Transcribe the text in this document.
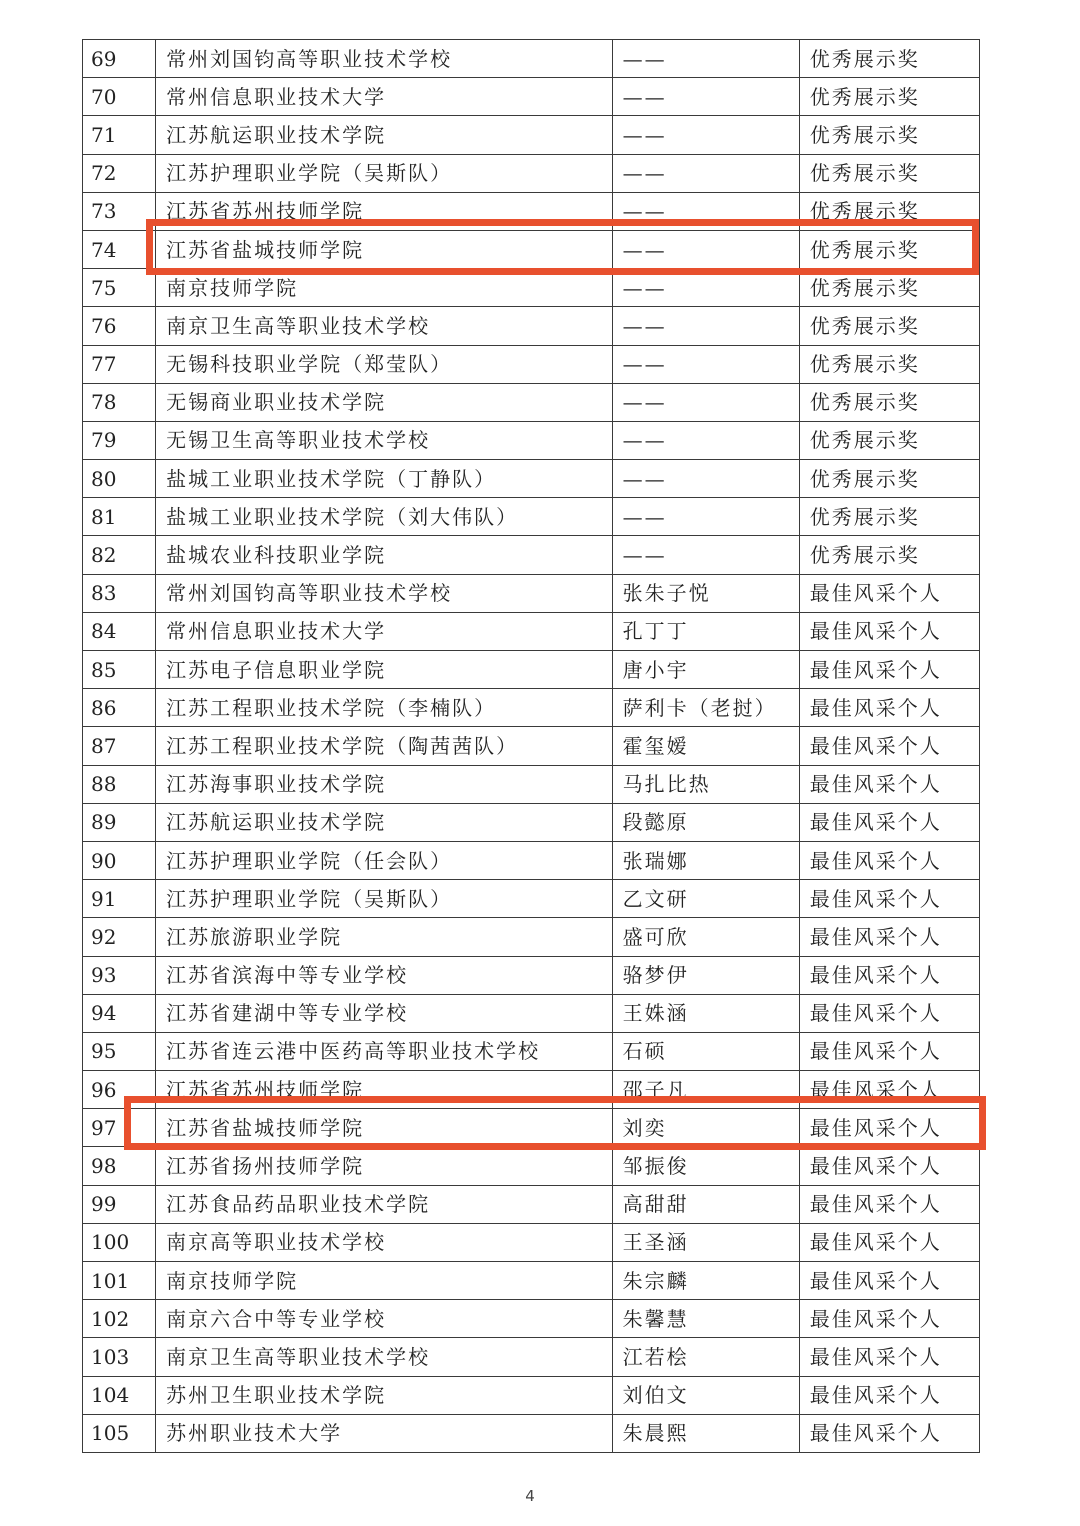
69	常州刘国钧高等职业技术学校	——	优秀展示奖
70	常州信息职业技术大学	——	优秀展示奖
71	江苏航运职业技术学院	——	优秀展示奖
72	江苏护理职业学院（吴斯队）	——	优秀展示奖
73	江苏省苏州技师学院	——	优秀展示奖
74	江苏省盐城技师学院	——	优秀展示奖
75	南京技师学院	——	优秀展示奖
76	南京卫生高等职业技术学校	——	优秀展示奖
77	无锡科技职业学院（郑莹队）	——	优秀展示奖
78	无锡商业职业技术学院	——	优秀展示奖
79	无锡卫生高等职业技术学校	——	优秀展示奖
80	盐城工业职业技术学院（丁静队）	——	优秀展示奖
81	盐城工业职业技术学院（刘大伟队）	——	优秀展示奖
82	盐城农业科技职业学院	——	优秀展示奖
83	常州刘国钧高等职业技术学校	张朱子悦	最佳风采个人
84	常州信息职业技术大学	孔丁丁	最佳风采个人
85	江苏电子信息职业学院	唐小宇	最佳风采个人
86	江苏工程职业技术学院（李楠队）	萨利卡（老挝）	最佳风采个人
87	江苏工程职业技术学院（陶茜茜队）	霍玺嫒	最佳风采个人
88	江苏海事职业技术学院	马扎比热	最佳风采个人
89	江苏航运职业技术学院	段懿原	最佳风采个人
90	江苏护理职业学院（任会队）	张瑞娜	最佳风采个人
91	江苏护理职业学院（吴斯队）	乙文研	最佳风采个人
92	江苏旅游职业学院	盛可欣	最佳风采个人
93	江苏省滨海中等专业学校	骆梦伊	最佳风采个人
94	江苏省建湖中等专业学校	王姝涵	最佳风采个人
95	江苏省连云港中医药高等职业技术学校	石硕	最佳风采个人
96	江苏省苏州技师学院	邵子凡	最佳风采个人
97	江苏省盐城技师学院	刘奕	最佳风采个人
98	江苏省扬州技师学院	邹振俊	最佳风采个人
99	江苏食品药品职业技术学院	高甜甜	最佳风采个人
100	南京高等职业技术学校	王圣涵	最佳风采个人
101	南京技师学院	朱宗麟	最佳风采个人
102	南京六合中等专业学校	朱馨慧	最佳风采个人
103	南京卫生高等职业技术学校	江若桧	最佳风采个人
104	苏州卫生职业技术学院	刘伯文	最佳风采个人
105	苏州职业技术大学	朱晨熙	最佳风采个人
4
